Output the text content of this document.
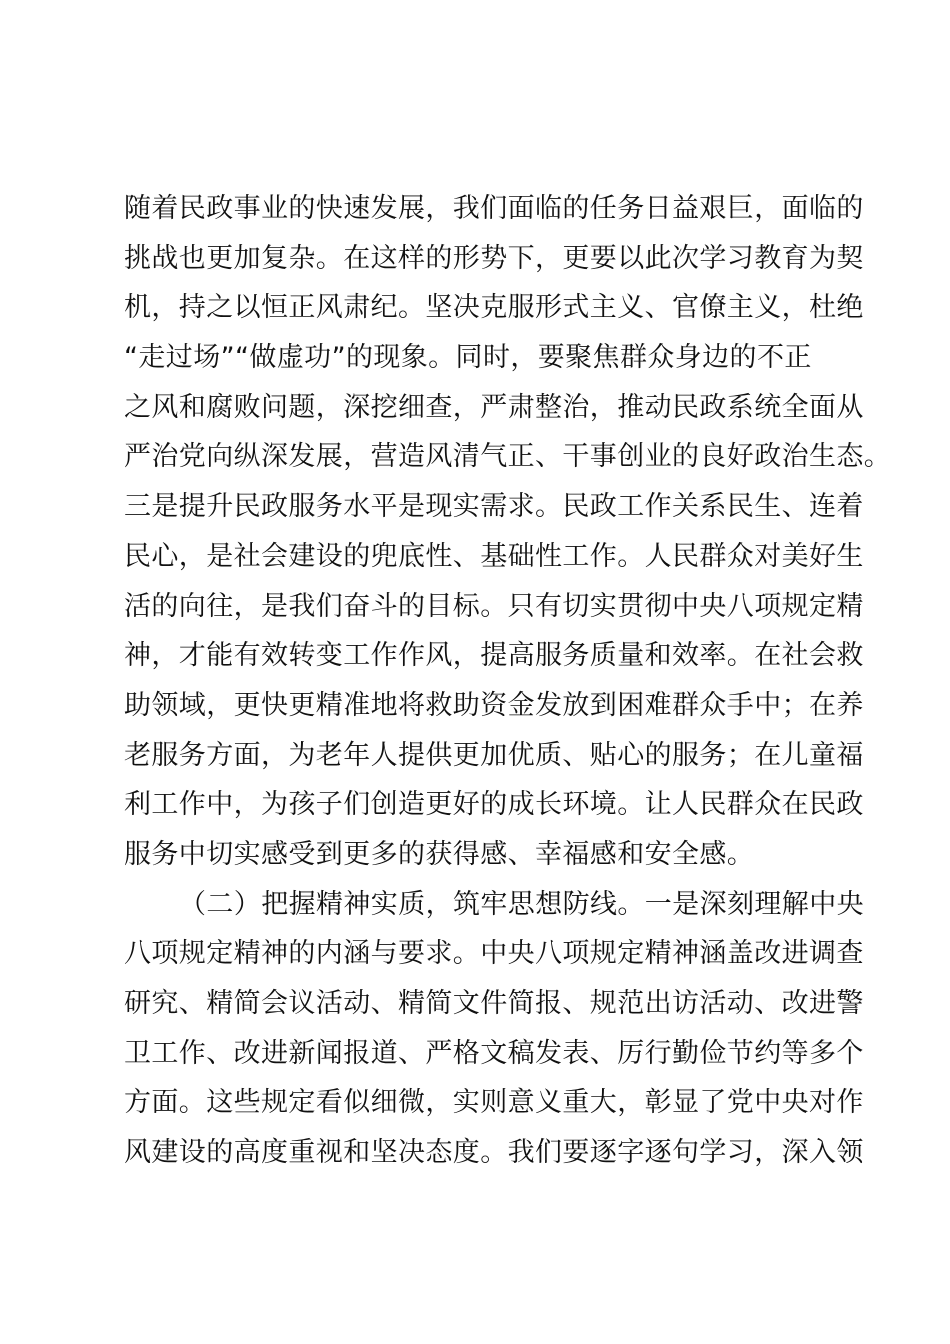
随着民政事业的快速发展，我们面临的任务日益艰巨，面临的
挑战也更加复杂。在这样的形势下，更要以此次学习教育为契
机，持之以恒正风肃纪。坚决克服形式主义、官僚主义，杜绝
“走过场”“做虚功”的现象。同时，要聚焦群众身边的不正
之风和腐败问题，深挖细查，严肃整治，推动民政系统全面从
严治党向纵深发展，营造风清气正、干事创业的良好政治生态。
三是提升民政服务水平是现实需求。民政工作关系民生、连着
民心，是社会建设的兜底性、基础性工作。人民群众对美好生
活的向往，是我们奋斗的目标。只有切实贯彻中央八项规定精
神，才能有效转变工作作风，提高服务质量和效率。在社会救
助领域，更快更精准地将救助资金发放到困难群众手中；在养
老服务方面，为老年人提供更加优质、贴心的服务；在儿童福
利工作中，为孩子们创造更好的成长环境。让人民群众在民政
服务中切实感受到更多的获得感、幸福感和安全感。
（二）把握精神实质，筑牢思想防线。一是深刻理解中央
八项规定精神的内涵与要求。中央八项规定精神涵盖改进调查
研究、精简会议活动、精简文件简报、规范出访活动、改进警
卫工作、改进新闻报道、严格文稿发表、厉行勤俭节约等多个
方面。这些规定看似细微，实则意义重大，彰显了党中央对作
风建设的高度重视和坚决态度。我们要逐字逐句学习，深入领
